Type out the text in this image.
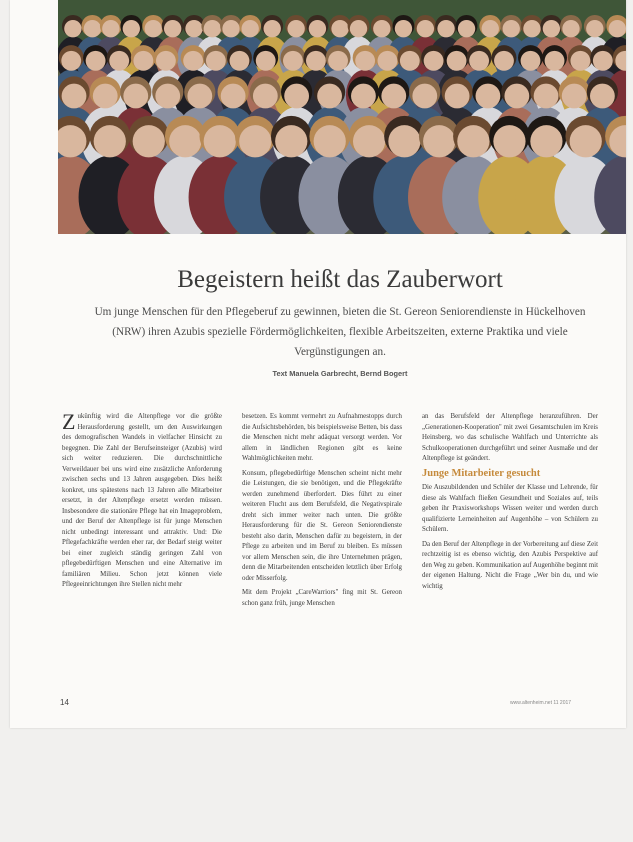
Begeistern heißt das Zauberwort

Um junge Menschen für den Pflegeberuf zu gewinnen, bieten die St. Gereon Seniorendienste in Hückelhoven (NRW) ihren Azubis spezielle Fördermöglichkeiten, flexible Arbeitszeiten, externe Praktika und viele Vergünstigungen an.

Text Manuela Garbrecht, Bernd Bogert

Zukünftig wird die Altenpflege vor die größte Herausforderung gestellt, um den Auswirkungen des demografischen Wandels in vielfacher Hinsicht zu begegnen. Die Zahl der Berufseinsteiger (Azubis) wird sich weiter reduzieren. Die durchschnittliche Verweildauer bei uns wird eine zusätzliche Anforderung zwischen sechs und 13 Jahren ausgegeben. Dies heißt konkret, uns spätestens nach 13 Jahren alle Mitarbeiter ersetzt, in der Altenpflege ersetzt werden müssen. Insbesondere die stationäre Pflege hat ein Imageproblem, und der Beruf der Altenpflege ist für junge Menschen nicht unbedingt interessant und attraktiv. Und: Die Pflegefachkräfte werden eher rar, der Bedarf steigt weiter bei einer zugleich ständig geringen Zahl von pflegebedürftigen Menschen und eine Alternative im familiären Milieu. Schon jetzt können viele Pflegeeinrichtungen ihre Stellen nicht mehr

besetzen. Es kommt vermehrt zu Aufnahmestopps durch die Aufsichtsbehörden, bis beispielsweise Betten, bis dass die Menschen nicht mehr adäquat versorgt werden. Vor allem in ländlichen Regionen gibt es keine Wahlmöglichkeiten mehr.

Konsum, pflegebedürftige Menschen scheint nicht mehr die Leistungen, die sie benötigen, und die Pflegekräfte werden zunehmend überfordert. Dies führt zu einer weiteren Flucht aus dem Berufsfeld, die Negativspirale dreht sich immer weiter nach unten. Die größte Herausforderung für die St. Gereon Seniorendienste besteht also darin, Menschen dafür zu begeistern, in der Pflege zu arbeiten und im Beruf zu bleiben. Es müssen vor allem Menschen sein, die ihre Unternehmen prägen, denn die Mitarbeitenden entscheiden letztlich über Erfolg oder Misserfolg.

Mit dem Projekt „CareWarriors" fing mit St. Gereon schon ganz früh, junge Menschen

an das Berufsfeld der Altenpflege heranzuführen. Der „Generationen-Kooperation" mit zwei Gesamtschulen im Kreis Heinsberg, wo das schulische Wahlfach und Unterrichte als Schulkooperationen durchgeführt und seiner Ausmaße und der Altenpflege ist geändert.

Junge Mitarbeiter gesucht

Die Auszubildenden und Schüler der Klasse und Lehrende, für diese als Wahlfach fließen Gesundheit und Soziales auf, teils geben ihr Praxisworkshops Wissen weiter und werden durch qualifizierte Lerneinheiten auf Augenhöhe – von Schülern zu Schülern.

Da den Beruf der Altenpflege in der Vorbereitung auf diese Zeit rechtzeitig ist es ebenso wichtig, den Azubis Perspektive auf den Weg zu geben. Kommunikation auf Augenhöhe beginnt mit der eigenen Haltung. Nicht die Frage „Wer bin du, und wie wichtig

14	www.altenheim.net 11 2017
